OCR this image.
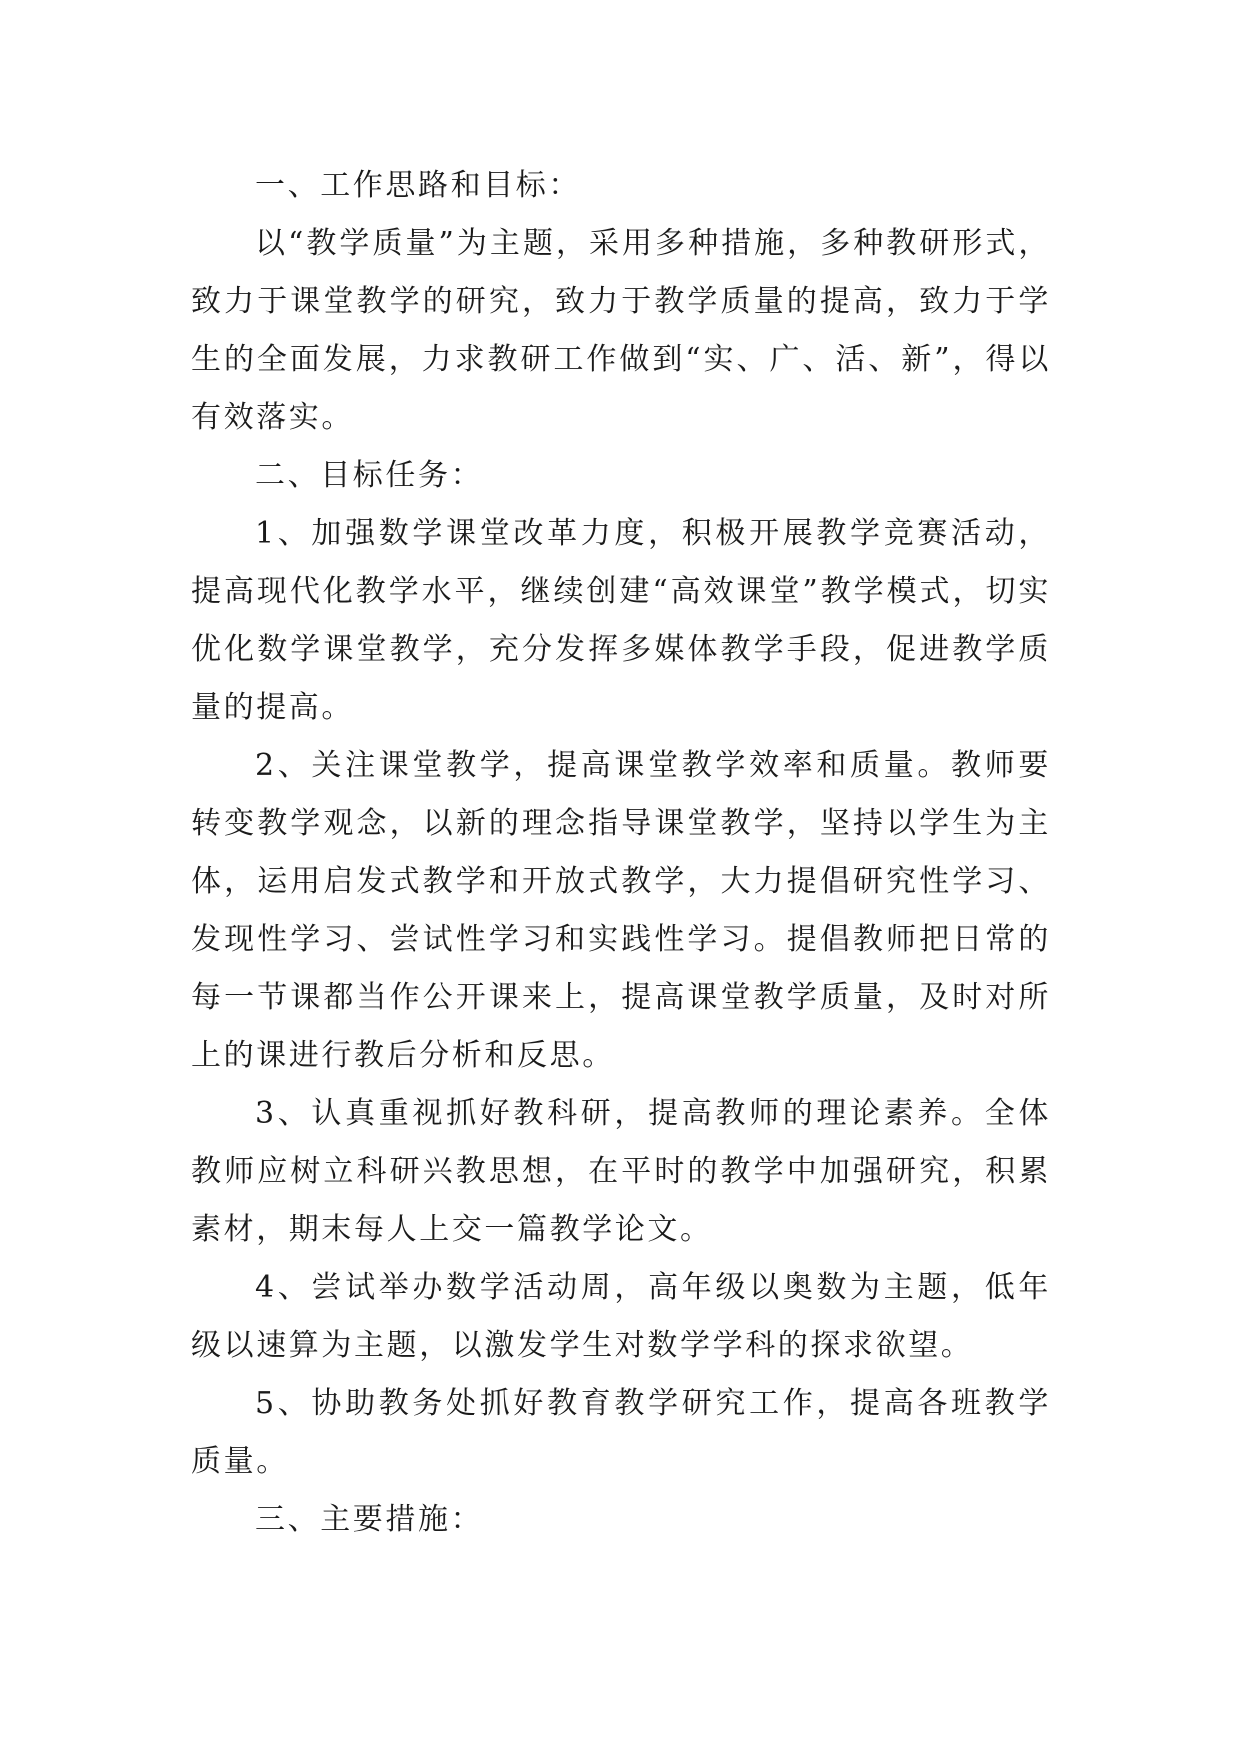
一、工作思路和目标：

以“教学质量”为主题，采用多种措施，多种教研形式，致力于课堂教学的研究，致力于教学质量的提高，致力于学生的全面发展，力求教研工作做到“实、广、活、新”，得以有效落实。

二、目标任务：

1、加强数学课堂改革力度，积极开展教学竞赛活动，提高现代化教学水平，继续创建“高效课堂”教学模式，切实优化数学课堂教学，充分发挥多媒体教学手段，促进教学质量的提高。

2、关注课堂教学，提高课堂教学效率和质量。教师要转变教学观念，以新的理念指导课堂教学，坚持以学生为主体，运用启发式教学和开放式教学，大力提倡研究性学习、发现性学习、尝试性学习和实践性学习。提倡教师把日常的每一节课都当作公开课来上，提高课堂教学质量，及时对所上的课进行教后分析和反思。

3、认真重视抓好教科研，提高教师的理论素养。全体教师应树立科研兴教思想，在平时的教学中加强研究，积累素材，期末每人上交一篇教学论文。

4、尝试举办数学活动周，高年级以奥数为主题，低年级以速算为主题，以激发学生对数学学科的探求欲望。

5、协助教务处抓好教育教学研究工作，提高各班教学质量。

三、主要措施：
